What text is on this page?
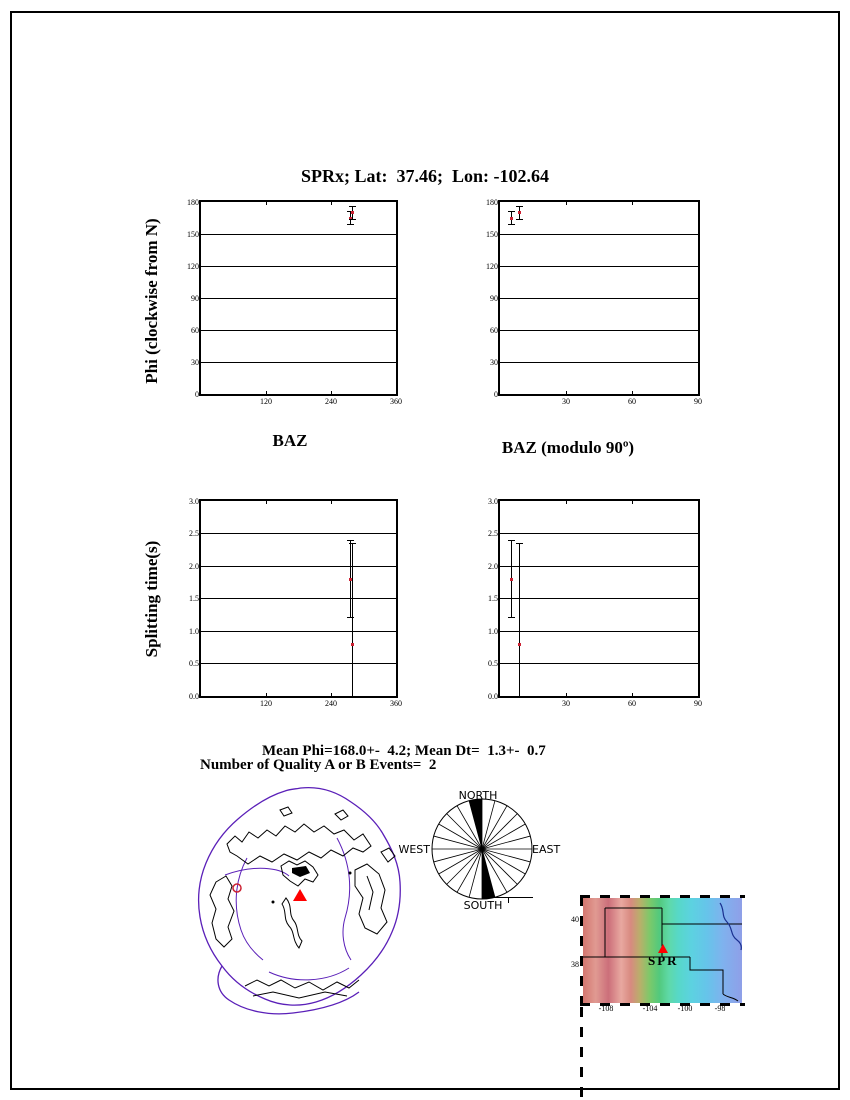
SPRx; Lat:  37.46;  Lon: -102.64
Phi (clockwise from N)
Splitting time(s)
BAZ	BAZ (modulo 90º)
180
150
120
90
60
30
0
120	240	360
180
150
120
90
60
30
0
30	60	90
3.0
2.5
2.0
1.5
1.0
0.5
0.0
120	240	360
3.0
2.5
2.0
1.5
1.0
0.5
0.0
30	60	90
Mean Phi=168.0+-  4.2; Mean Dt=  1.3+-  0.7
Number of Quality A or B Events=  2
NORTH
EAST
SOUTH
WEST
40
38
-108	-104	-100	-98
SPR
